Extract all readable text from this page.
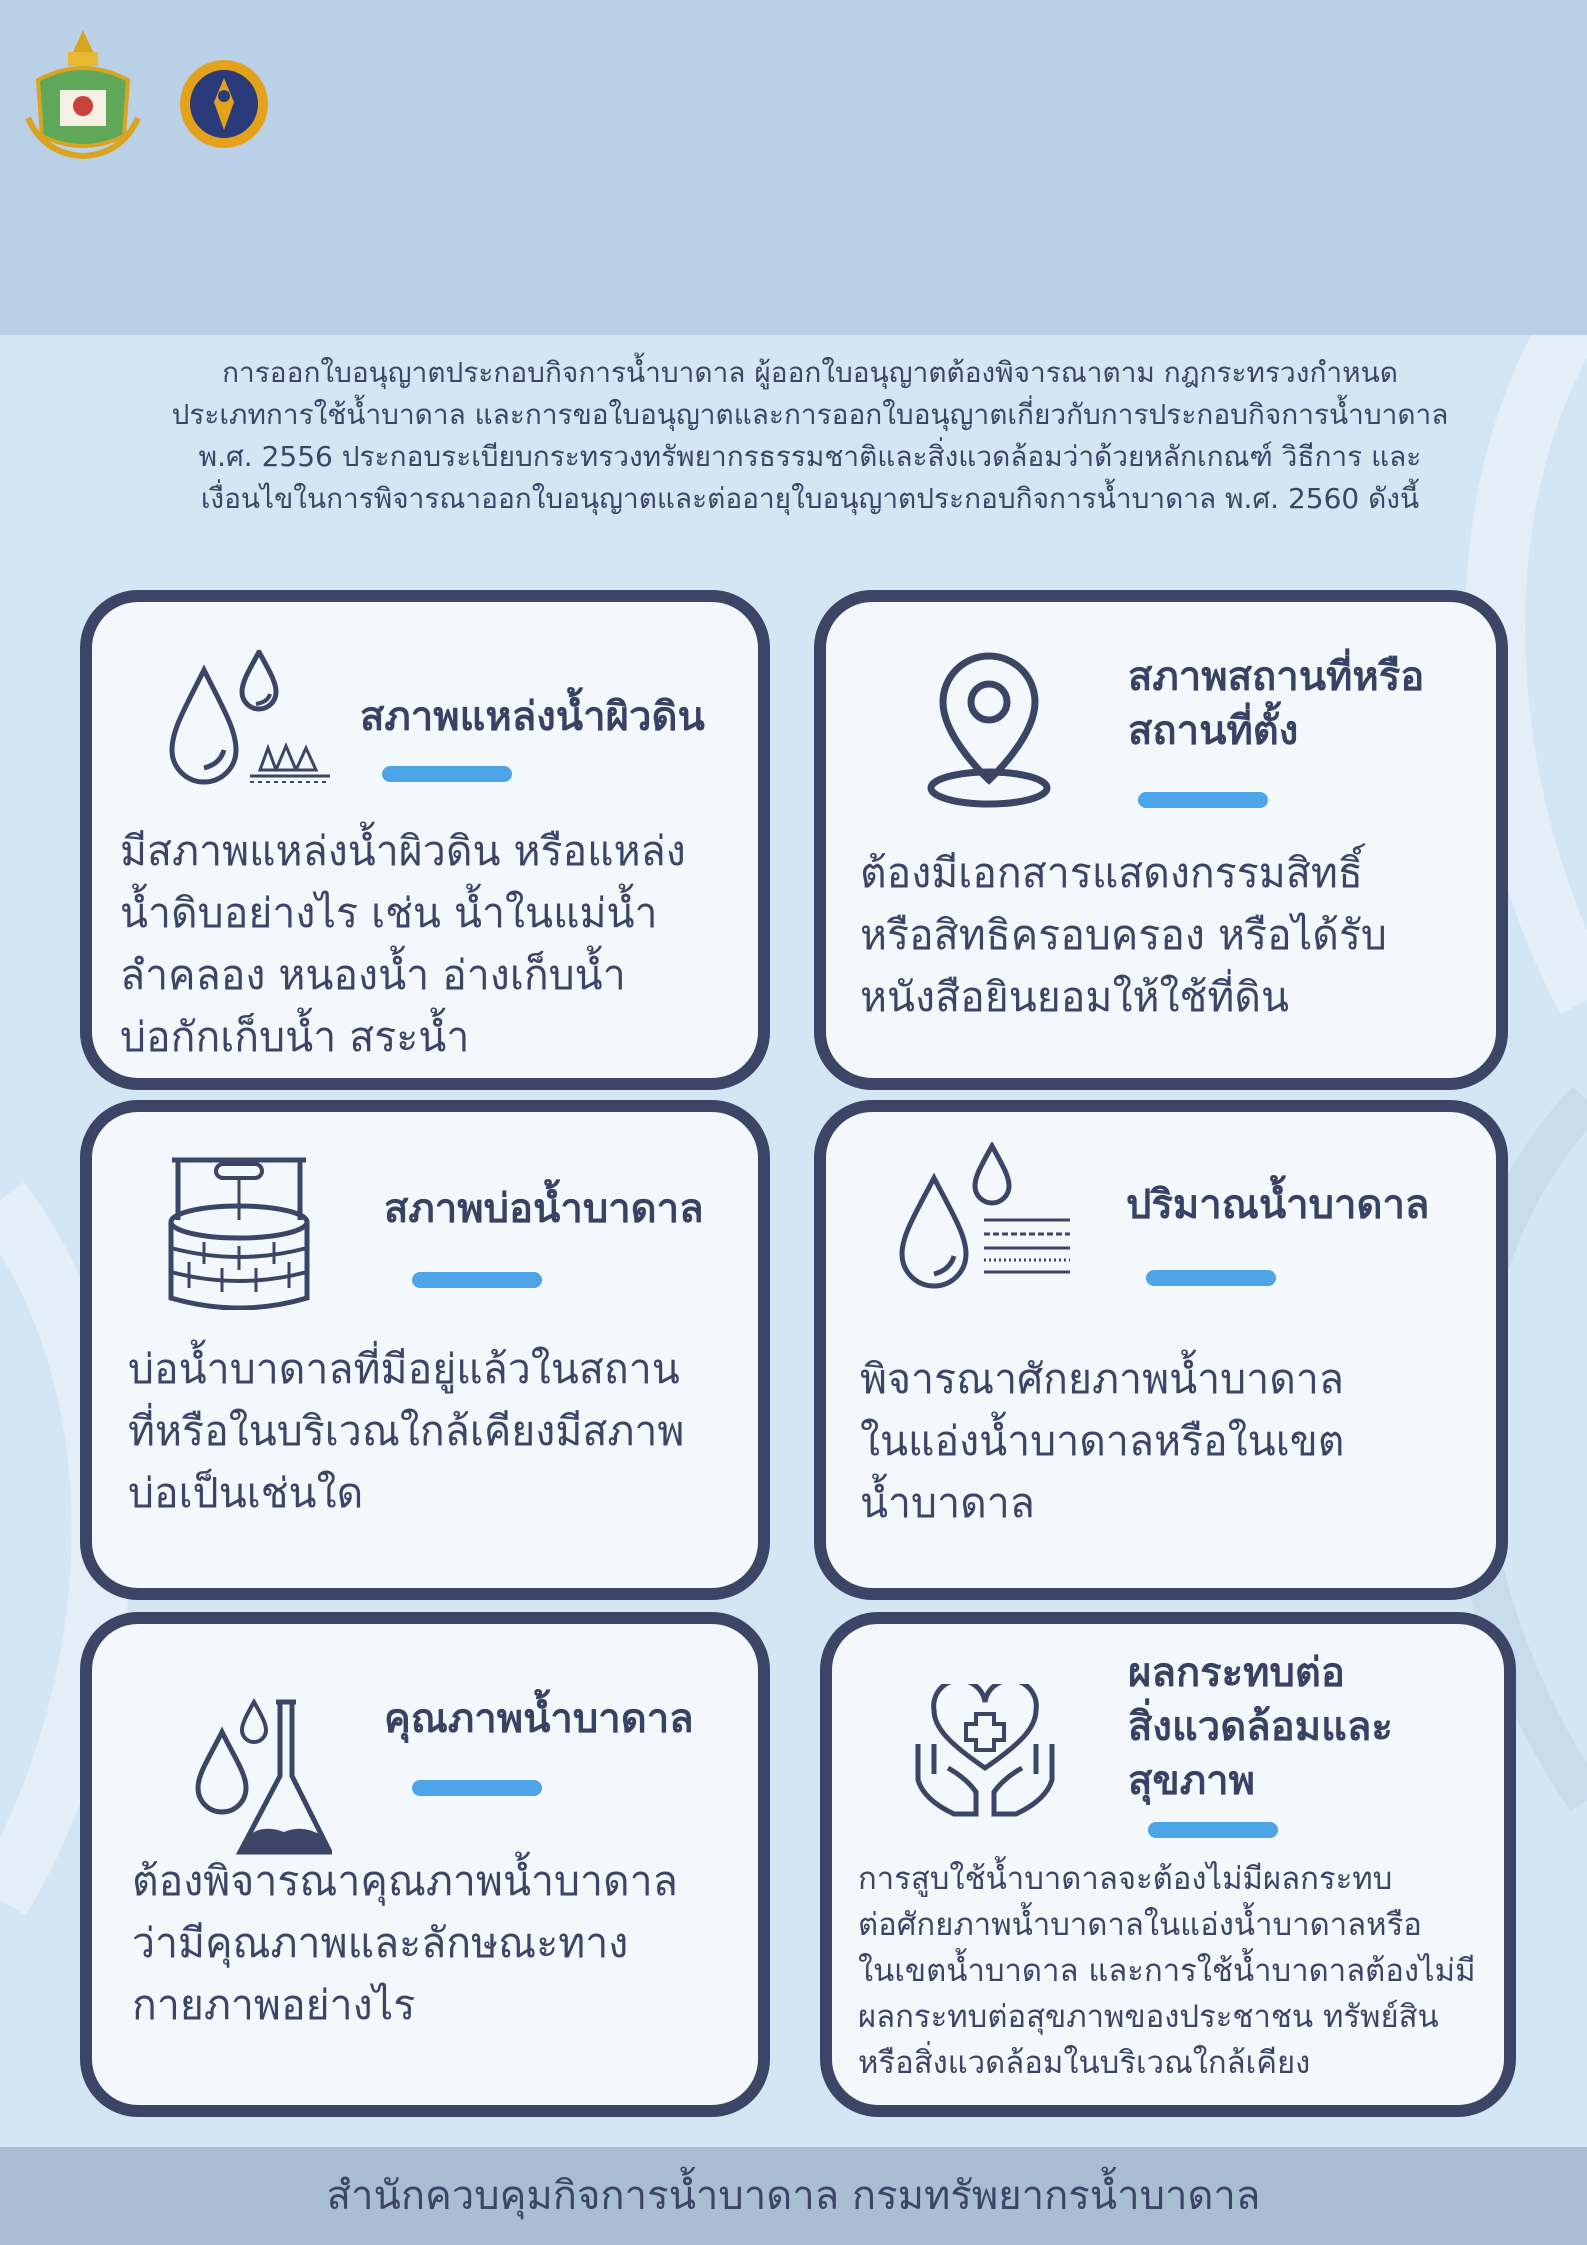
การออกใบอนุญาตประกอบกิจการน้ำบาดาล ผู้ออกใบอนุญาตต้องพิจารณาตาม กฎกระทรวงกำหนด
ประเภทการใช้น้ำบาดาล และการขอใบอนุญาตและการออกใบอนุญาตเกี่ยวกับการประกอบกิจการน้ำบาดาล
พ.ศ. 2556 ประกอบระเบียบกระทรวงทรัพยากรธรรมชาติและสิ่งแวดล้อมว่าด้วยหลักเกณฑ์ วิธีการ และ
เงื่อนไขในการพิจารณาออกใบอนุญาตและต่ออายุใบอนุญาตประกอบกิจการน้ำบาดาล พ.ศ. 2560 ดังนี้
สภาพแหล่งน้ำผิวดิน
มีสภาพแหล่งน้ำผิวดิน หรือแหล่ง
น้ำดิบอย่างไร เช่น น้ำในแม่น้ำ
ลำคลอง หนองน้ำ อ่างเก็บน้ำ
บ่อกักเก็บน้ำ สระน้ำ
สภาพสถานที่หรือ
สถานที่ตั้ง
ต้องมีเอกสารแสดงกรรมสิทธิ์
หรือสิทธิครอบครอง หรือได้รับ
หนังสือยินยอมให้ใช้ที่ดิน
สภาพบ่อน้ำบาดาล
บ่อน้ำบาดาลที่มีอยู่แล้วในสถาน
ที่หรือในบริเวณใกล้เคียงมีสภาพ
บ่อเป็นเช่นใด
ปริมาณน้ำบาดาล
พิจารณาศักยภาพน้ำบาดาล
ในแอ่งน้ำบาดาลหรือในเขต
น้ำบาดาล
คุณภาพน้ำบาดาล
ต้องพิจารณาคุณภาพน้ำบาดาล
ว่ามีคุณภาพและลักษณะทาง
กายภาพอย่างไร
ผลกระทบต่อ
สิ่งแวดล้อมและ
สุขภาพ
การสูบใช้น้ำบาดาลจะต้องไม่มีผลกระทบ
ต่อศักยภาพน้ำบาดาลในแอ่งน้ำบาดาลหรือ
ในเขตน้ำบาดาล และการใช้น้ำบาดาลต้องไม่มี
ผลกระทบต่อสุขภาพของประชาชน ทรัพย์สิน
หรือสิ่งแวดล้อมในบริเวณใกล้เคียง
สำนักควบคุมกิจการน้ำบาดาล กรมทรัพยากรน้ำบาดาล
